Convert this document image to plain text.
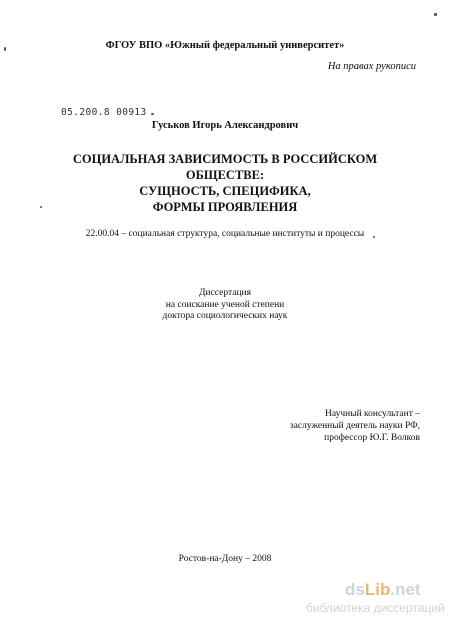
ФГОУ ВПО «Южный федеральный университет»
На правах рукописи
05.200.8 00913
Гуськов Игорь Александрович
СОЦИАЛЬНАЯ ЗАВИСИМОСТЬ В РОССИЙСКОМ
ОБЩЕСТВЕ:
СУЩНОСТЬ, СПЕЦИФИКА,
ФОРМЫ ПРОЯВЛЕНИЯ
22.00.04 – социальная структура, социальные институты и процессы
Диссертация
на соискание ученой степени
доктора социологических наук
Научный консультант –
заслуженный деятель науки РФ,
профессор Ю.Г. Волков
Ростов-на-Дону – 2008
dsLib.net
библиотека диссертаций
